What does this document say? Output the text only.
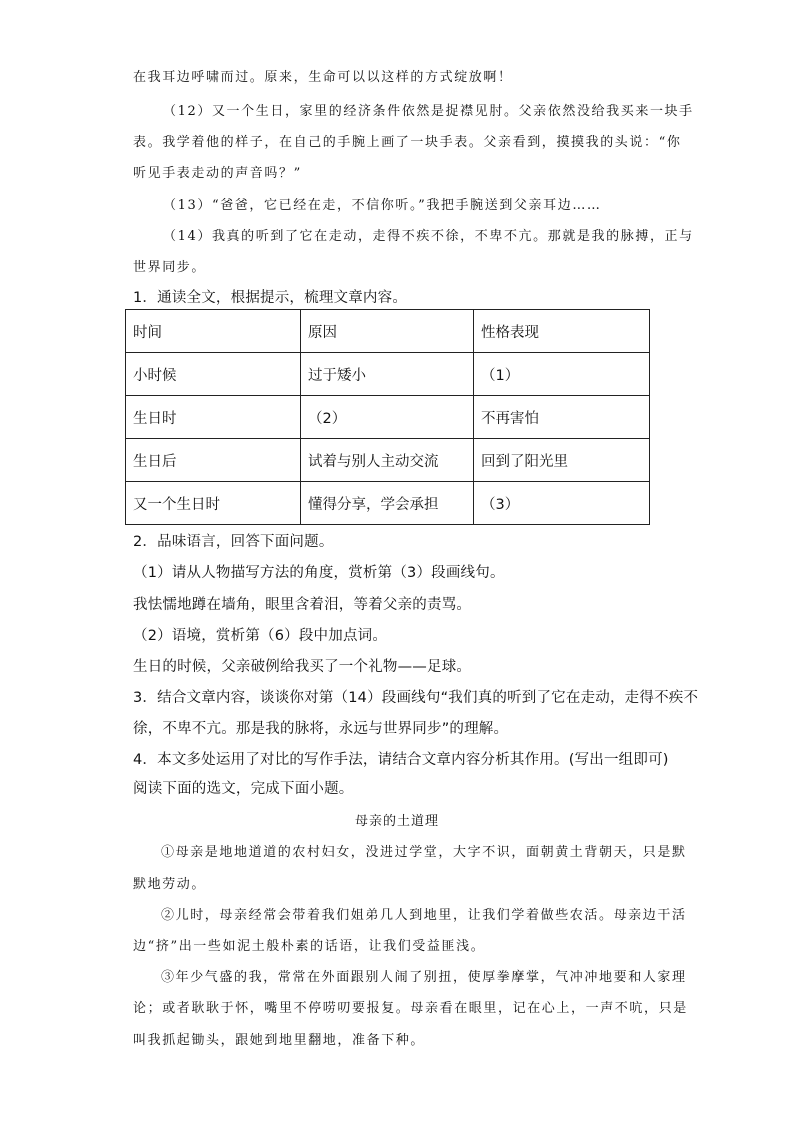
在我耳边呼啸而过。原来，生命可以以这样的方式绽放啊！
（12）又一个生日，家里的经济条件依然是捉襟见肘。父亲依然没给我买来一块手
表。我学着他的样子，在自己的手腕上画了一块手表。父亲看到，摸摸我的头说：“你
听见手表走动的声音吗？”
（13）“爸爸，它已经在走，不信你听。”我把手腕送到父亲耳边……
（14）我真的听到了它在走动，走得不疾不徐，不卑不亢。那就是我的脉搏，正与
世界同步。
1．通读全文，根据提示，梳理文章内容。
时间	原因	性格表现
小时候	过于矮小	（1）
生日时	（2）	不再害怕
生日后	试着与别人主动交流	回到了阳光里
又一个生日时	懂得分享，学会承担	（3）
2．品味语言，回答下面问题。
（1）请从人物描写方法的角度，赏析第（3）段画线句。
我怯懦地蹲在墙角，眼里含着泪，等着父亲的责骂。
（2）语境，赏析第（6）段中加点词。
生日的时候，父亲破例给我买了一个礼物——足球。
3．结合文章内容，谈谈你对第（14）段画线句“我们真的听到了它在走动，走得不疾不
徐，不卑不亢。那是我的脉将，永远与世界同步”的理解。
4．本文多处运用了对比的写作手法，请结合文章内容分析其作用。(写出一组即可)
阅读下面的选文，完成下面小题。
母亲的土道理
①母亲是地地道道的农村妇女，没进过学堂，大字不识，面朝黄土背朝天，只是默
默地劳动。
②儿时，母亲经常会带着我们姐弟几人到地里，让我们学着做些农活。母亲边干活
边“挤”出一些如泥土般朴素的话语，让我们受益匪浅。
③年少气盛的我，常常在外面跟别人闹了别扭，使厚拳摩掌，气冲冲地要和人家理
论；或者耿耿于怀，嘴里不停唠叨要报复。母亲看在眼里，记在心上，一声不吭，只是
叫我抓起锄头，跟她到地里翻地，准备下种。
